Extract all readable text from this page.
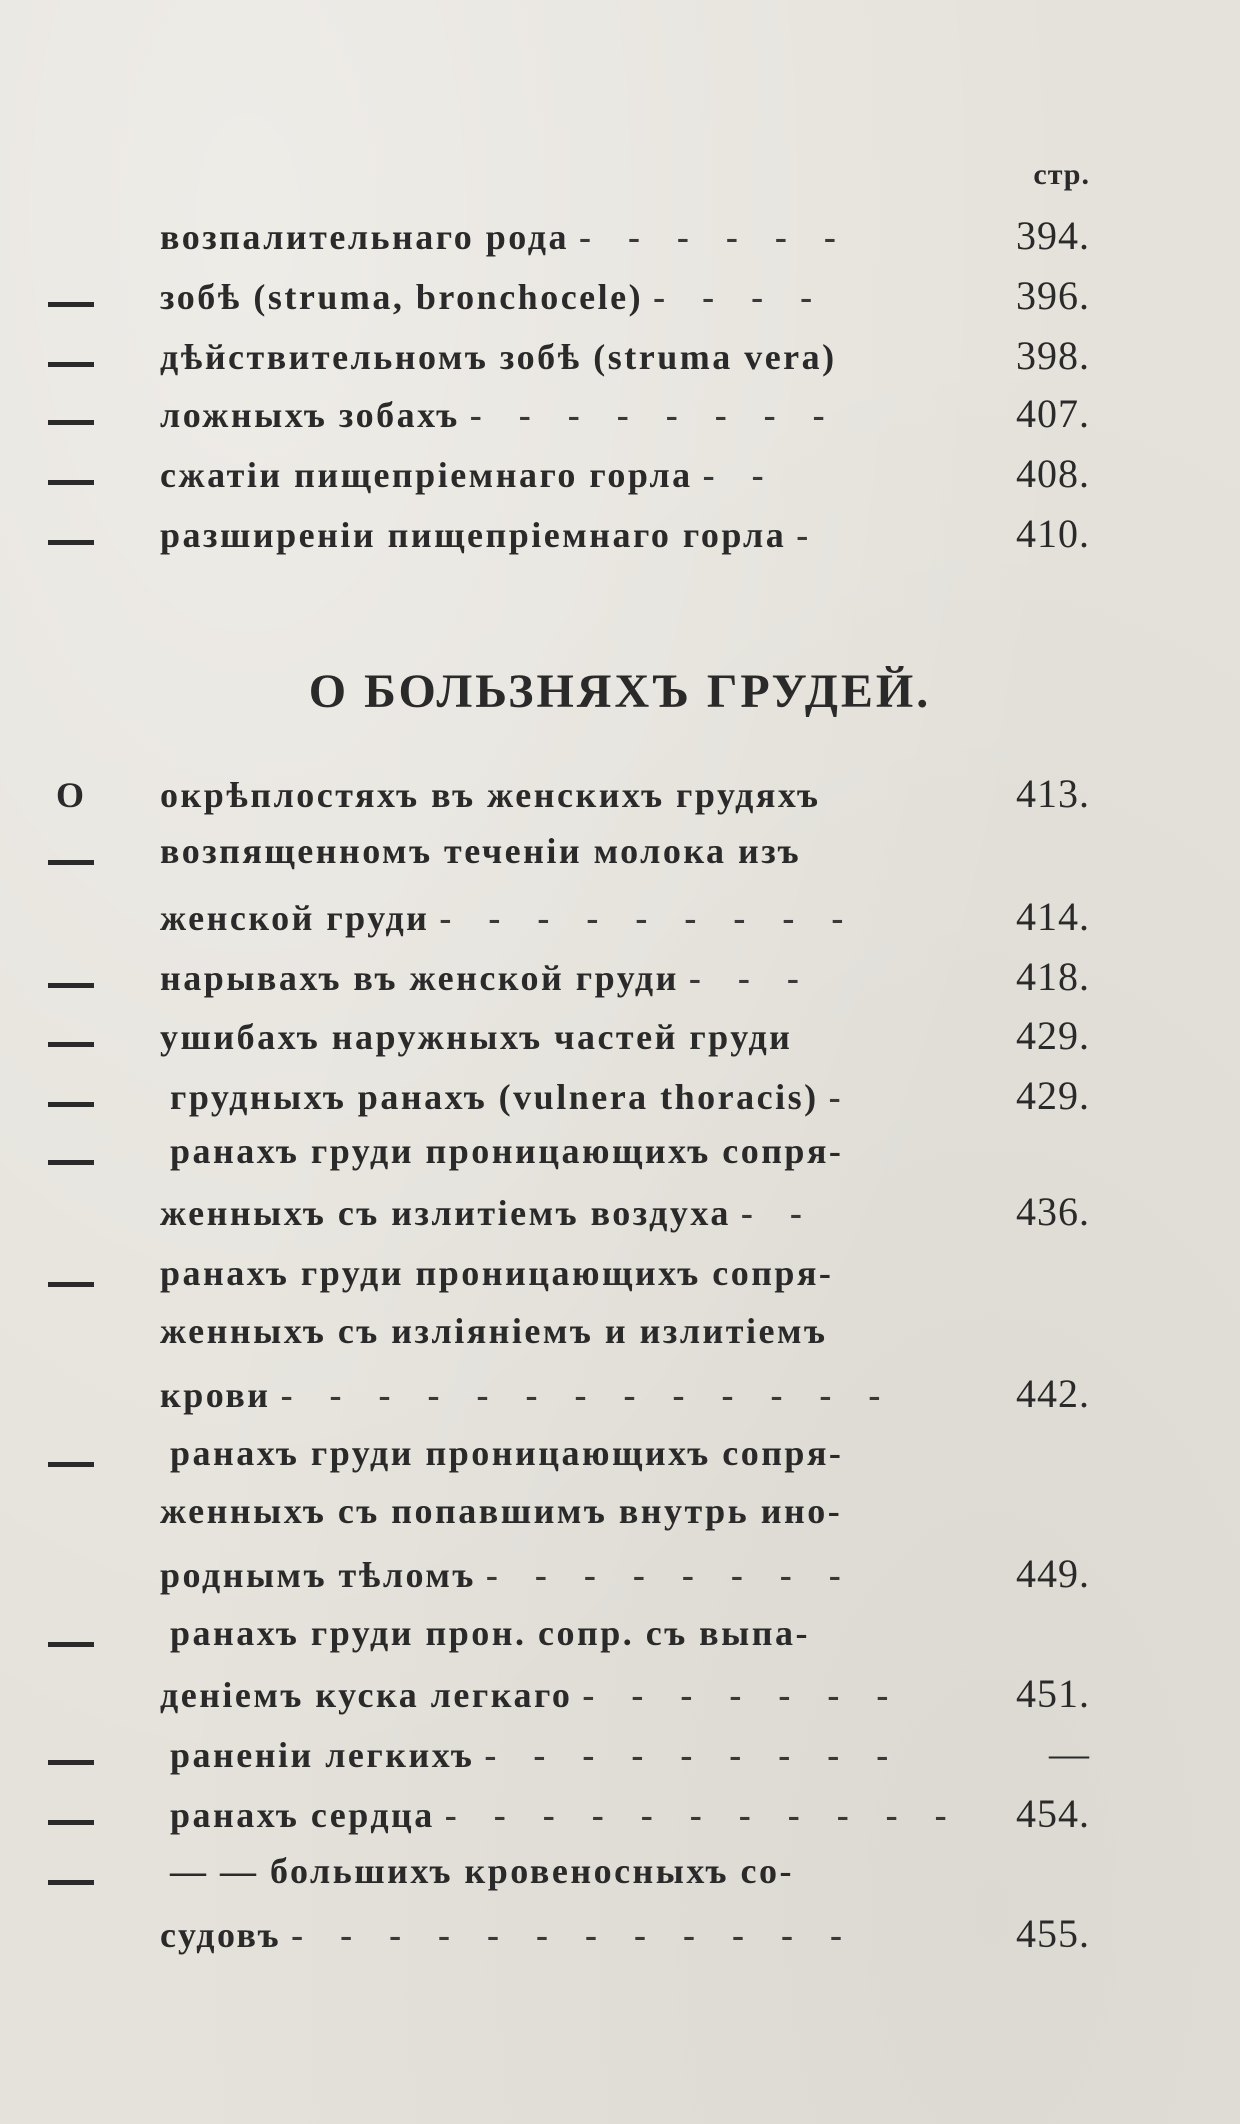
стр.
возпалительнаго рода - - - - - -	394.
зобѣ (struma, bronchocele) - - - -	396.
дѣйствительномъ зобѣ (struma vera)	398.
ложныхъ зобахъ - - - - - - - -	407.
сжатіи пищепріемнаго горла - -	408.
разширеніи пищепріемнаго горла -	410.
О БОЛЬЗНЯХЪ ГРУДЕЙ.
О окрѣплостяхъ въ женскихъ грудяхъ	413.
возпященномъ теченіи молока изъ
женской груди - - - - - - - - -	414.
нарывахъ въ женской груди - - -	418.
ушибахъ наружныхъ частей груди	429.
грудныхъ ранахъ (vulnera thoracis) -	429.
ранахъ груди проницающихъ сопря-
женныхъ съ излитіемъ воздуха - -	436.
ранахъ груди проницающихъ сопря-
женныхъ съ изліяніемъ и излитіемъ
крови - - - - - - - - - - - - -	442.
ранахъ груди проницающихъ сопря-
женныхъ съ попавшимъ внутрь ино-
роднымъ тѣломъ - - - - - - - -	449.
ранахъ груди прон. сопр. съ выпа-
деніемъ куска легкаго - - - - - - -	451.
раненіи легкихъ - - - - - - - - -	—
ранахъ сердца - - - - - - - - - - -	454.
— — большихъ кровеносныхъ со-
судовъ - - - - - - - - - - - -	455.
